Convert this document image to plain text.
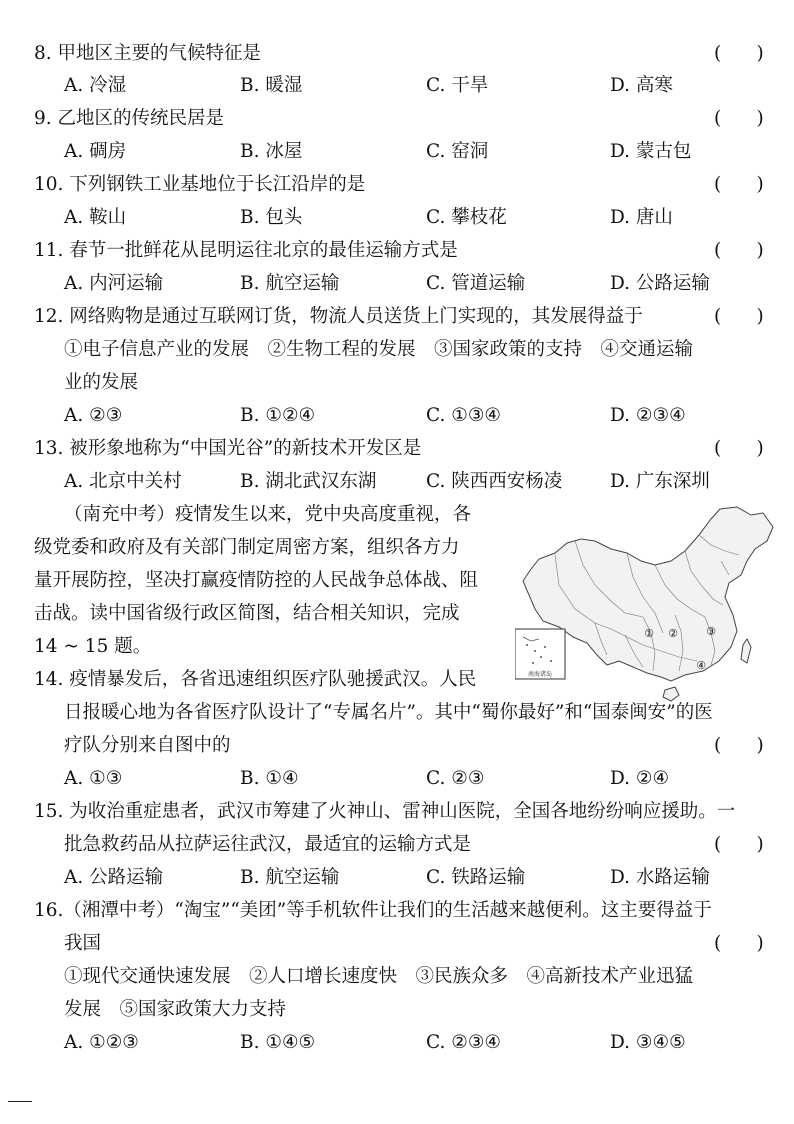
8. 甲地区主要的气候特征是	(      )
A. 冷湿	B. 暖湿	C. 干旱	D. 高寒
9. 乙地区的传统民居是	(      )
A. 碉房	B. 冰屋	C. 窑洞	D. 蒙古包
10. 下列钢铁工业基地位于长江沿岸的是	(      )
A. 鞍山	B. 包头	C. 攀枝花	D. 唐山
11. 春节一批鲜花从昆明运往北京的最佳运输方式是	(      )
A. 内河运输	B. 航空运输	C. 管道运输	D. 公路运输
12. 网络购物是通过互联网订货，物流人员送货上门实现的，其发展得益于	(      )
①电子信息产业的发展　②生物工程的发展　③国家政策的支持　④交通运输
业的发展
A. ②③	B. ①②④	C. ①③④	D. ②③④
13. 被形象地称为“中国光谷”的新技术开发区是	(      )
A. 北京中关村	B. 湖北武汉东湖	C. 陕西西安杨凌	D. 广东深圳
（南充中考）疫情发生以来，党中央高度重视，各
级党委和政府及有关部门制定周密方案，组织各方力
量开展防控，坚决打赢疫情防控的人民战争总体战、阻
击战。读中国省级行政区简图，结合相关知识，完成
14 ~ 15 题。
南海诸岛
① ②	③
④
14. 疫情暴发后，各省迅速组织医疗队驰援武汉。人民
日报暖心地为各省医疗队设计了“专属名片”。其中“蜀你最好”和“国泰闽安”的医
疗队分别来自图中的	(      )
A. ①③	B. ①④	C. ②③	D. ②④
15. 为收治重症患者，武汉市筹建了火神山、雷神山医院，全国各地纷纷响应援助。一
批急救药品从拉萨运往武汉，最适宜的运输方式是	(      )
A. 公路运输	B. 航空运输	C. 铁路运输	D. 水路运输
16.（湘潭中考）“淘宝”“美团”等手机软件让我们的生活越来越便利。这主要得益于
我国	(      )
①现代交通快速发展　②人口增长速度快　③民族众多　④高新技术产业迅猛
发展　⑤国家政策大力支持
A. ①②③	B. ①④⑤	C. ②③④	D. ③④⑤
